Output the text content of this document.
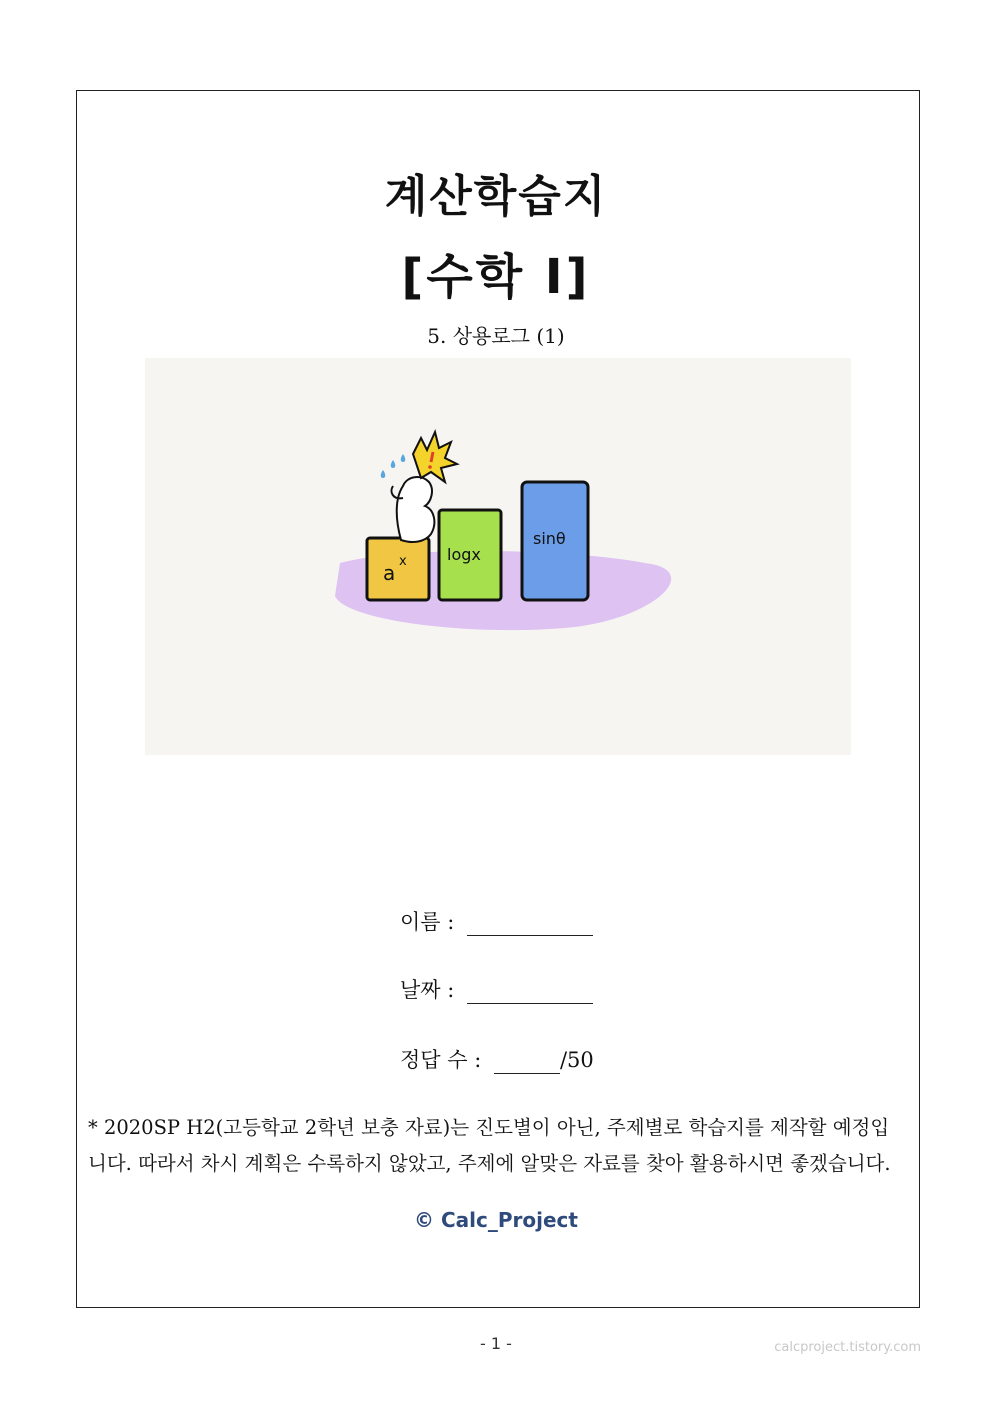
계산학습지
[수학 I]
5. 상용로그 (1)
a x	logx
sinθ
이름 :
날짜 :
정답 수 :	/50

* 2020SP H2(고등학교 2학년 보충 자료)는 진도별이 아닌, 주제별로 학습지를 제작할 예정입

니다. 따라서 차시 계획은 수록하지 않았고, 주제에 알맞은 자료를 찾아 활용하시면 좋겠습니다.

© Calc_Project
- 1 -	calcproject.tistory.com
